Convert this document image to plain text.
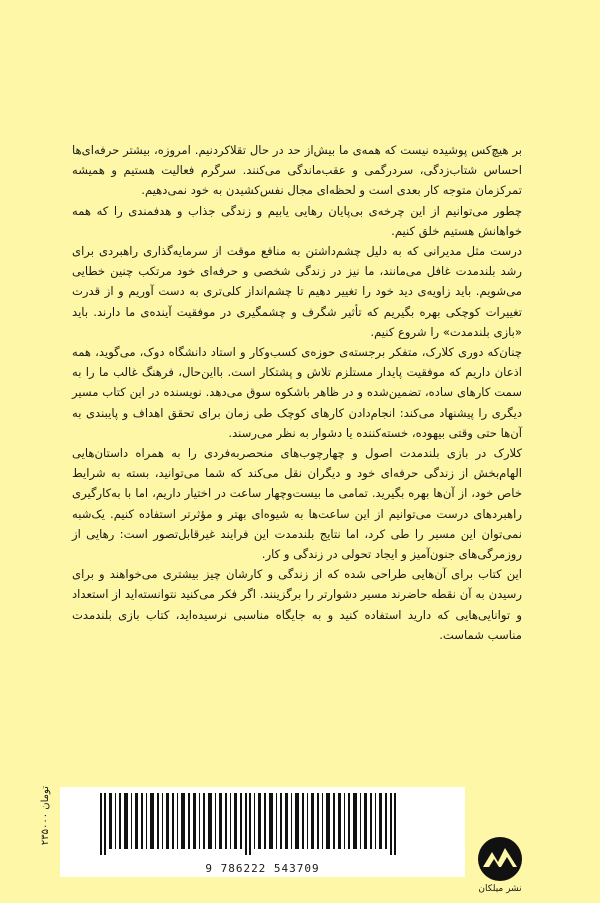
بر هیچ‌کس پوشیده نیست که همه‌ی ما بیش‌از حد در حال تقلاکردنیم. امروزه، بیشتر حرفه‌ای‌ها احساس شتاب‌زدگی، سردرگمی و عقب‌ماندگی می‌کنند. سرگرم فعالیت هستیم و همیشه تمرکزمان متوجه کار بعدی است و لحظه‌ای مجال نفس‌کشیدن به خود نمی‌دهیم.

چطور می‌توانیم از این چرخه‌ی بی‌پایان رهایی یابیم و زندگی جذاب و هدفمندی را که همه خواهانش هستیم خلق کنیم.

درست مثل مدیرانی که به دلیل چشم‌داشتن به منافع موقت از سرمایه‌گذاری راهبردی برای رشد بلندمدت غافل می‌مانند، ما نیز در زندگی شخصی و حرفه‌ای خود مرتکب چنین خطایی می‌شویم. باید زاویه‌ی دید خود را تغییر دهیم تا چشم‌انداز کلی‌تری به دست آوریم و از قدرت تغییرات کوچکی بهره بگیریم که تأثیر شگرف و چشمگیری در موفقیت آینده‌ی ما دارند. باید «بازی بلندمدت» را شروع کنیم.

چنان‌که دوری کلارک، متفکر برجسته‌ی حوزه‌ی کسب‌وکار و استاد دانشگاه دوک، می‌گوید، همه اذعان داریم که موفقیت پایدار مستلزم تلاش و پشتکار است. بااین‌حال، فرهنگ غالب ما را به سمت کارهای ساده، تضمین‌شده و در ظاهر باشکوه سوق می‌دهد. نویسنده در این کتاب مسیر دیگری را پیشنهاد می‌کند: انجام‌دادن کارهای کوچک طی زمان برای تحقق اهداف و پایبندی به آن‌ها حتی وقتی بیهوده، خسته‌کننده یا دشوار به نظر می‌رسند.

کلارک در بازی بلندمدت اصول و چهارچوب‌های منحصربه‌فردی را به همراه داستان‌هایی الهام‌بخش از زندگی حرفه‌ای خود و دیگران نقل می‌کند که شما می‌توانید، بسته به شرایط خاص خود، از آن‌ها بهره بگیرید. تمامی ما بیست‌وچهار ساعت در اختیار داریم، اما با به‌کارگیری راهبردهای درست می‌توانیم از این ساعت‌ها به شیوه‌ای بهتر و مؤثرتر استفاده کنیم. یک‌شبه نمی‌توان این مسیر را طی کرد، اما نتایج بلندمدت این فرایند غیرقابل‌تصور است: رهایی از روزمرگی‌های جنون‌آمیز و ایجاد تحولی در زندگی و کار.

این کتاب برای آن‌هایی طراحی شده که از زندگی و کارشان چیز بیشتری می‌خواهند و برای رسیدن به آن نقطه حاضرند مسیر دشوارتر را برگزینند. اگر فکر می‌کنید نتوانسته‌اید از استعداد و توانایی‌هایی که دارید استفاده کنید و به جایگاه مناسبی نرسیده‌اید، کتاب بازی بلندمدت مناسب شماست.

۲۳۵۰۰۰ تومان
9 786222 543709
نشر میلکان
